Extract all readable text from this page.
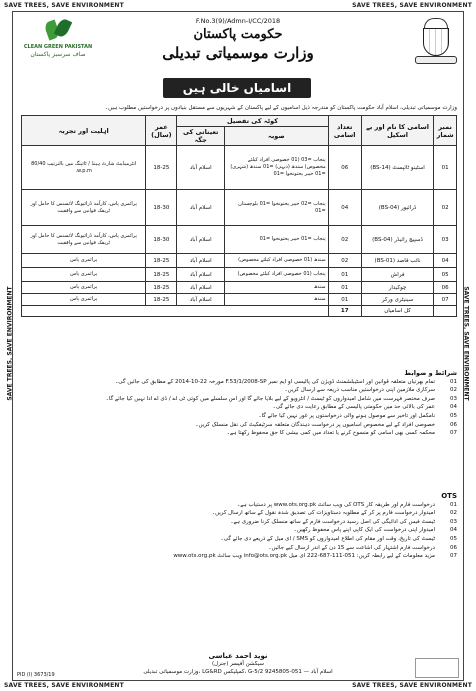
SAVE TREES, SAVE ENVIRONMENT	SAVE TREES, SAVE ENVIRONMENT
SAVE TREES, SAVE ENVIRONMENT	SAVE TREES, SAVE ENVIRONMENT
SAVE TREES, SAVE ENVIRONMENT	SAVE TREES, SAVE ENVIRONMENT
CLEAN GREEN PAKISTAN
صاف سرسبز پاکستان
F.No.3(9)/Admn-I/CC/2018
حکومت پاکستان
وزارت موسمیاتی تبدیلی
اسامیاں خالی ہیں
وزارت موسمیاتی تبدیلی، اسلام آباد حکومت پاکستان کو مندرجہ ذیل اسامیوں کے لیے پاکستان کے شہریوں سے مستقل بنیادوں پر درخواستیں مطلوب ہیں۔
نمبر شمار	اسامی کا نام اور بے اسکیل	تعداد اسامی	کوٹہ کی تفصیل		عمر (سال)	اہلیت اور تجربہ
			صوبہ	تعیناتی کی جگہ		
01	اسٹینو ٹائپسٹ (BS-14)	06	پنجاب =03 (01 خصوصی افراد کیلئے مخصوص) سندھ (دیہی) =01 سندھ (شہری) =01 خیبر پختونخوا =01	اسلام آباد	18-25	انٹرمیڈیٹ شارٹ ہینڈ / ٹائپنگ میں بالترتیب 80/40 w.p.m.
02	ڈرائیور (BS-04)	04	پنجاب =02 خیبر پختونخوا =01 بلوچستان =01	اسلام آباد	18-30	پرائمری پاس، کارآمد ڈرائیونگ لائسنس کا حامل اور ٹریفک قوانین سے واقفیت
03	ڈسپیچ رائیڈر (BS-04)	02	پنجاب =01 خیبر پختونخوا =01	اسلام آباد	18-30	پرائمری پاس، کارآمد ڈرائیونگ لائسنس کا حامل اور ٹریفک قوانین سے واقفیت
04	نائب قاصد (BS-01)	02	سندھ (01 خصوصی افراد کیلئے مخصوص)	اسلام آباد	18-25	پرائمری پاس
05	فراش	01	پنجاب (01 خصوصی افراد کیلئے مخصوص)	اسلام آباد	18-25	پرائمری پاس
06	چوکیدار	01	سندھ	اسلام آباد	18-25	پرائمری پاس
07	سینیٹری ورکر	01	سندھ	اسلام آباد	18-25	پرائمری پاس
	کل اسامیاں	17				
شرائط و ضوابط
01
تمام بھرتیاں متعلقہ قوانین اور اسٹیبلشمنٹ ڈویژن کی پالیسی او ایم نمبر F.53/1/2008-SP مورخہ 22-10-2014 کے مطابق کی جائیں گی۔
02
سرکاری ملازمین اپنی درخواستیں مناسب ذریعہ سے ارسال کریں۔
03
صرف مختصر فہرست میں شامل امیدواروں کو ٹیسٹ / انٹرویو کے لیے بلایا جائے گا اور اس سلسلے میں کوئی ٹی اے / ڈی اے ادا نہیں کیا جائے گا۔
04
عمر کی بالائی حد میں حکومتی پالیسی کے مطابق رعایت دی جائے گی۔
05
نامکمل اور تاخیر سے موصول ہونے والی درخواستوں پر غور نہیں کیا جائے گا۔
06
خصوصی افراد کے لیے مخصوص اسامیوں پر درخواست دہندگان متعلقہ سرٹیفکیٹ کی نقل منسلک کریں۔
07
محکمہ کسی بھی اسامی کو منسوخ کرنے یا تعداد میں کمی بیشی کا حق محفوظ رکھتا ہے۔
OTS
01
درخواست فارم اور طریقہ کار OTS کی ویب سائٹ www.ots.org.pk پر دستیاب ہے۔
02
امیدوار درخواست فارم پر کر کے مطلوبہ دستاویزات کی تصدیق شدہ نقول کے ساتھ ارسال کریں۔
03
ٹیسٹ فیس کی ادائیگی کی اصل رسید درخواست فارم کے ساتھ منسلک کرنا ضروری ہے۔
04
امیدوار اپنی درخواست کی ایک کاپی اپنے پاس محفوظ رکھیں۔
05
ٹیسٹ کی تاریخ، وقت اور مقام کی اطلاع امیدواروں کو SMS / ای میل کے ذریعے دی جائے گی۔
06
درخواست فارم اشتہار کی اشاعت سے 15 دن کے اندر ارسال کیے جائیں۔
07
مزید معلومات کے لیے رابطہ کریں: 051-111-687-222 ای میل info@ots.org.pk ویب سائٹ www.ots.org.pk
نوید احمد عباسی
سیکشن آفیسر (جنرل)
وزارت موسمیاتی تبدیلی، LG&RD کمپلیکس، G-5/2 اسلام آباد — 051-9245805
PID (I) 3673/19
